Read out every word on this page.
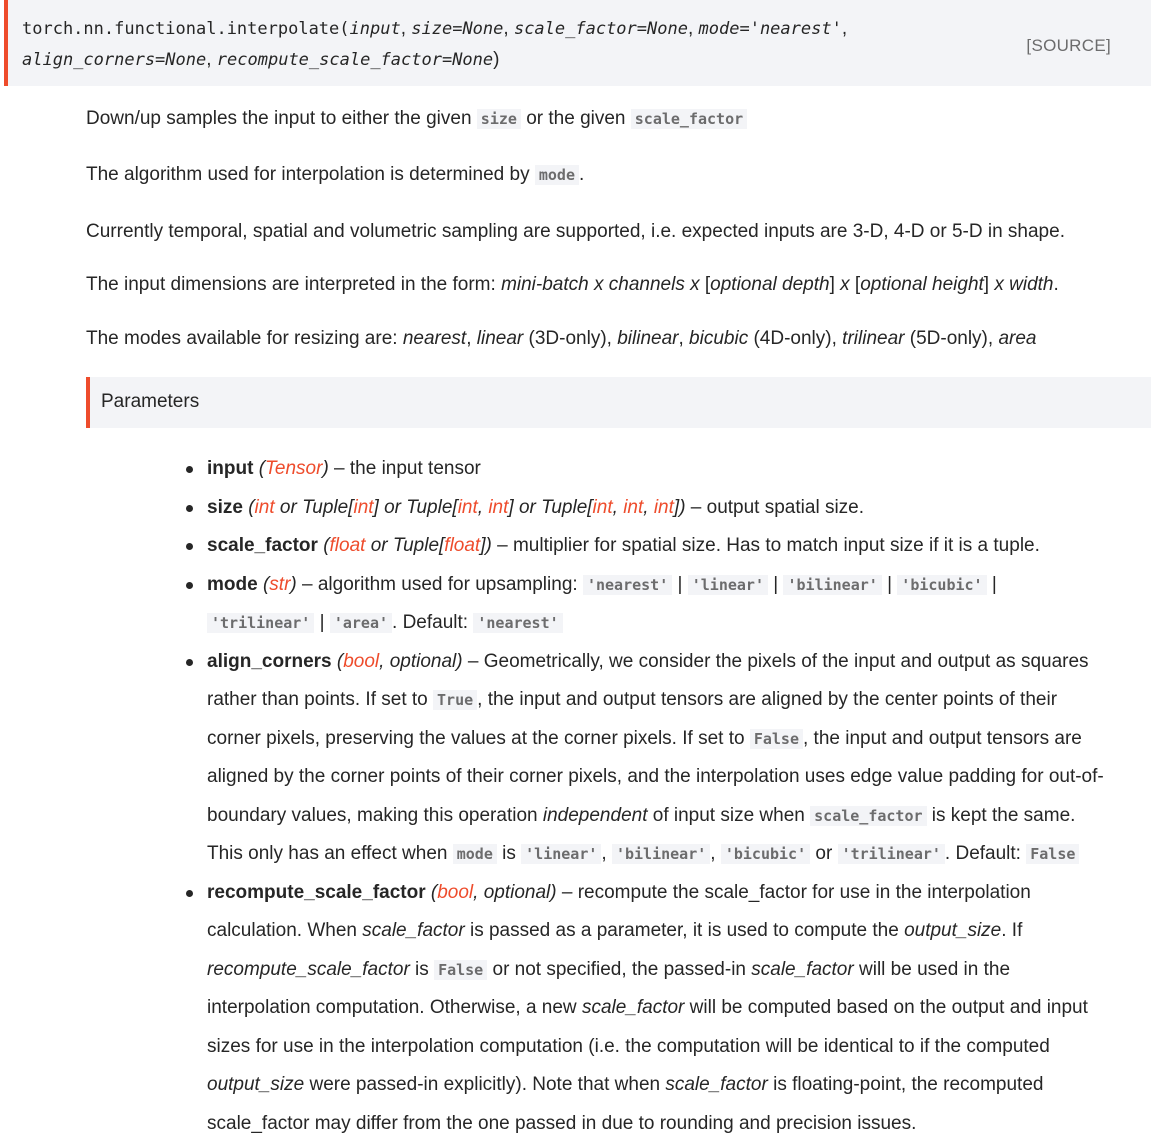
torch.nn.functional.interpolate(input, size=None, scale_factor=None, mode='nearest',
align_corners=None, recompute_scale_factor=None)
[SOURCE]
Down/up samples the input to either the given size or the given scale_factor
The algorithm used for interpolation is determined by mode .
Currently temporal, spatial and volumetric sampling are supported, i.e. expected inputs are 3-D, 4-D or 5-D in shape.
The input dimensions are interpreted in the form: mini-batch x channels x [optional depth] x [optional height] x width.
The modes available for resizing are: nearest, linear (3D-only), bilinear, bicubic (4D-only), trilinear (5D-only), area
Parameters
input (Tensor) – the input tensor
size (int or Tuple[int] or Tuple[int, int] or Tuple[int, int, int]) – output spatial size.
scale_factor (float or Tuple[float]) – multiplier for spatial size. Has to match input size if it is a tuple.
mode (str) – algorithm used for upsampling: 'nearest' | 'linear' | 'bilinear' | 'bicubic' |
'trilinear' | 'area' . Default: 'nearest'
align_corners (bool, optional) – Geometrically, we consider the pixels of the input and output as squares
rather than points. If set to True , the input and output tensors are aligned by the center points of their
corner pixels, preserving the values at the corner pixels. If set to False , the input and output tensors are
aligned by the corner points of their corner pixels, and the interpolation uses edge value padding for out-of-
boundary values, making this operation independent of input size when scale_factor is kept the same.
This only has an effect when mode is 'linear' , 'bilinear' , 'bicubic' or 'trilinear' . Default: False
recompute_scale_factor (bool, optional) – recompute the scale_factor for use in the interpolation
calculation. When scale_factor is passed as a parameter, it is used to compute the output_size. If
recompute_scale_factor is False or not specified, the passed-in scale_factor will be used in the
interpolation computation. Otherwise, a new scale_factor will be computed based on the output and input
sizes for use in the interpolation computation (i.e. the computation will be identical to if the computed
output_size were passed-in explicitly). Note that when scale_factor is floating-point, the recomputed
scale_factor may differ from the one passed in due to rounding and precision issues.
